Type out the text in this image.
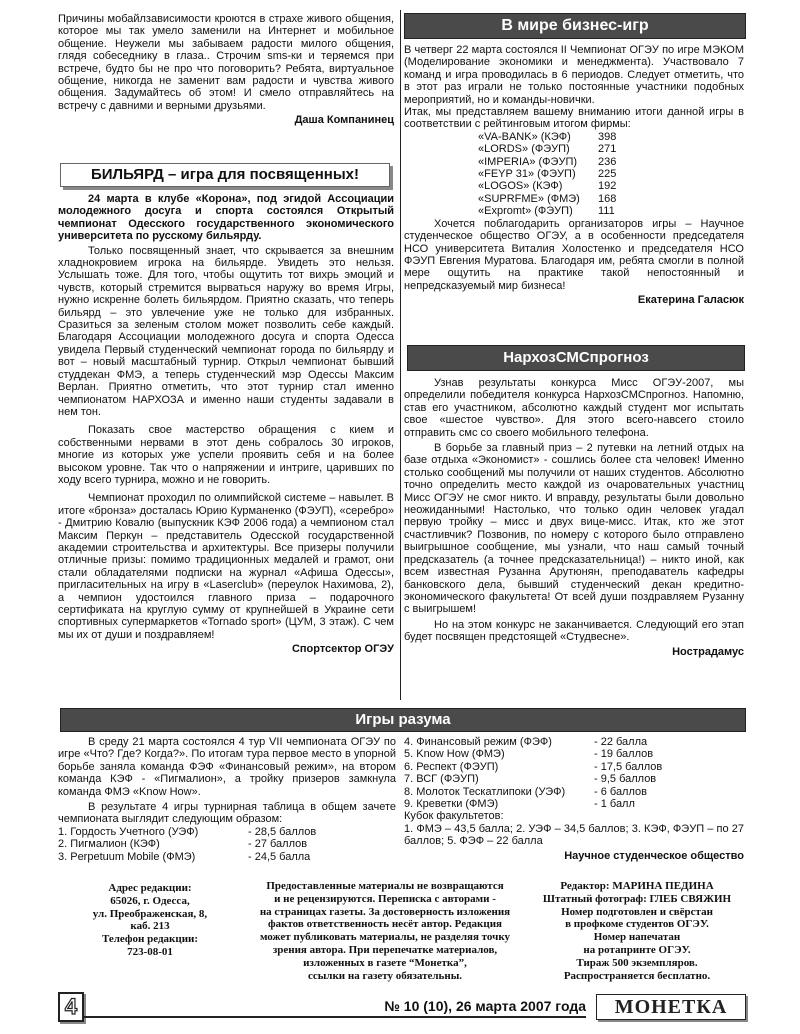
Причины мобайлзависимости кроются в страхе живого общения, которое мы так умело заменили на Интернет и мобильное общение. Неужели мы забываем радости милого общения, глядя собеседнику в глаза.. Строчим sms-ки и теряемся при встрече, будто бы не про что поговорить? Ребята, виртуальное общение, никогда не заменит вам радости и чувства живого общения. Задумайтесь об этом! И смело отправляйтесь на встречу с давними и верными друзьями.

Даша Компанинец

БИЛЬЯРД – игра для посвященных!

24 марта в клубе «Корона», под эгидой Ассоциации молодежного досуга и спорта состоялся Открытый чемпионат Одесского государственного экономического университета по русскому бильярду.

Только посвященный знает, что скрывается за внешним хладнокровием игрока на бильярде. Увидеть это нельзя. Услышать тоже. Для того, чтобы ощутить тот вихрь эмоций и чувств, который стремится вырваться наружу во время Игры, нужно искренне болеть бильярдом. Приятно сказать, что теперь бильярд – это увлечение уже не только для избранных. Сразиться за зеленым столом может позволить себе каждый. Благодаря Ассоциации молодежного досуга и спорта Одесса увидела Первый студенческий чемпионат города по бильярду и вот – новый масштабный турнир. Открыл чемпионат бывший студдекан ФМЭ, а теперь студенческий мэр Одессы Максим Верлан. Приятно отметить, что этот турнир стал именно чемпионатом НАРХОЗА и именно наши студенты задавали в нем тон.

Показать свое мастерство обращения с кием и собственными нервами в этот день собралось 30 игроков, многие из которых уже успели проявить себя и на более высоком уровне. Так что о напряжении и интриге, царивших по ходу всего турнира, можно и не говорить.

Чемпионат проходил по олимпийской системе – навылет. В итоге «бронза» досталась Юрию Курманенко (ФЭУП), «серебро» - Дмитрию Ковалю (выпускник КЭФ 2006 года) а чемпионом стал Максим Перкун – представитель Одесской государственной академии строительства и архитектуры. Все призеры получили отличные призы: помимо традиционных медалей и грамот, они стали обладателями подписки на журнал «Афиша Одессы», пригласительных на игру в «Laserclub» (переулок Нахимова, 2), а чемпион удостоился главного приза – подарочного сертификата на круглую сумму от крупнейшей в Украине сети спортивных супермаркетов «Tornado sport» (ЦУМ, 3 этаж). С чем мы их от души и поздравляем!

Спортсектор ОГЭУ

В мире бизнес-игр

В четверг 22 марта состоялся II Чемпионат ОГЭУ по игре МЭКОМ (Моделирование экономики и менеджмента). Участвовало 7 команд и игра проводилась в 6 периодов. Следует отметить, что в этот раз играли не только постоянные участники подобных мероприятий, но и команды-новички.

Итак, мы представляем вашему вниманию итоги данной игры в соответствии с рейтинговым итогом фирмы:

«VA-BANK» (КЭФ)	398
«LORDS» (ФЭУП)	271
«IMPERIA» (ФЭУП)	236
«FEYP 31» (ФЭУП)	225
«LOGOS» (КЭФ)	192
«SUPRFME» (ФМЭ)	168
«Expromt» (ФЭУП)	111

Хочется поблагодарить организаторов игры – Научное студенческое общество ОГЭУ, а в особенности председателя НСО университета Виталия Холостенко и председателя НСО ФЭУП Евгения Муратова. Благодаря им, ребята смогли в полной мере ощутить на практике такой непостоянный и непредсказуемый мир бизнеса!

Екатерина Галасюк

НархозСМСпрогноз

Узнав результаты конкурса Мисс ОГЭУ-2007, мы определили победителя конкурса НархозСМСпрогноз. Напомню, став его участником, абсолютно каждый студент мог испытать свое «шестое чувство». Для этого всего-навсего стоило отправить смс со своего мобильного телефона.

В борьбе за главный приз – 2 путевки на летний отдых на базе отдыха «Экономист» - сошлись более ста человек! Именно столько сообщений мы получили от наших студентов. Абсолютно точно определить место каждой из очаровательных участниц Мисс ОГЭУ не смог никто. И вправду, результаты были довольно неожиданными! Настолько, что только один человек угадал первую тройку – мисс и двух вице-мисс. Итак, кто же этот счастливчик? Позвонив, по номеру с которого было отправлено выигрышное сообщение, мы узнали, что наш самый точный предсказатель (а точнее предсказательница!) – никто иной, как всем известная Рузанна Арутюнян, преподаватель кафедры банковского дела, бывший студенческий декан кредитно-экономического факультета! От всей души поздравляем Рузанну с выигрышем!

Но на этом конкурс не заканчивается. Следующий его этап будет посвящен предстоящей «Студвесне».

Нострадамус

Игры разума

В среду 21 марта состоялся 4 тур VII чемпионата ОГЭУ по игре «Что? Где? Когда?». По итогам тура первое место в упорной борьбе заняла команда ФЭФ «Финансовый режим», на втором команда КЭФ - «Пигмалион», а тройку призеров замкнула команда ФМЭ «Know How».

В результате 4 игры турнирная таблица в общем зачете чемпионата выглядит следующим образом:

1. Гордость Учетного (УЭФ)	- 28,5 баллов
2. Пигмалион (КЭФ)	- 27 баллов
3. Perpetuum Mobile (ФМЭ)	- 24,5 балла
4. Финансовый режим (ФЭФ)	- 22 балла
5. Know How (ФМЭ)	- 19 баллов
6. Респект (ФЭУП)	- 17,5 баллов
7. ВСГ (ФЭУП)	- 9,5 баллов
8. Молоток Тескатлипоки (УЭФ)	- 6 баллов
9. Креветки (ФМЭ)	- 1 балл

Кубок факультетов:

1. ФМЭ – 43,5 балла; 2. УЭФ – 34,5 баллов; 3. КЭФ, ФЭУП – по 27 баллов; 5. ФЭФ – 22 балла

Научное студенческое общество

Адрес редакции:
65026, г. Одесса,
ул. Преображенская, 8,
каб. 213
Телефон редакции:
723-08-01
Предоставленные материалы не возвращаются
и не рецензируются. Переписка с авторами -
на страницах газеты. За достоверность изложения
фактов ответственность несёт автор. Редакция
может публиковать материалы, не разделяя точку
зрения автора. При перепечатке материалов,
изложенных в газете “Монетка”,
ссылки на газету обязательны.
Редактор: МАРИНА ПЕДИНА
Штатный фотограф: ГЛЕБ СВЯЖИН
Номер подготовлен и свёрстан
в профкоме студентов ОГЭУ.
Номер напечатан
на ротапринте ОГЭУ.
Тираж 500 экземпляров.
Распространяется бесплатно.
4	№ 10 (10), 26 марта 2007 года	МОНЕТКА
